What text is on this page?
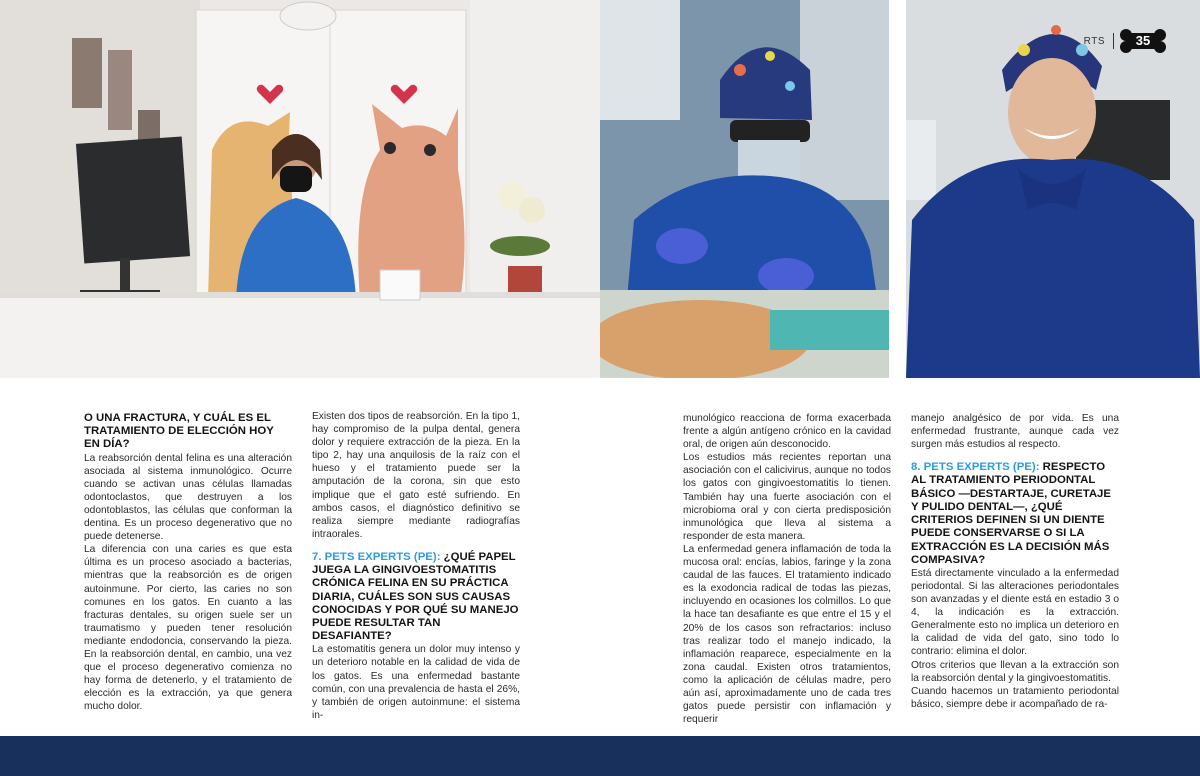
RTS	35

O UNA FRACTURA, Y CUÁL ES EL TRATAMIENTO DE ELECCIÓN HOY EN DÍA?

La reabsorción dental felina es una alteración asociada al sistema inmunológico. Ocurre cuando se activan unas células llamadas odontoclastos, que destruyen a los odontoblastos, las células que conforman la dentina. Es un proceso degenerativo que no puede detenerse.

La diferencia con una caries es que esta última es un proceso asociado a bacterias, mientras que la reabsorción es de origen autoinmune. Por cierto, las caries no son comunes en los gatos. En cuanto a las fracturas dentales, su origen suele ser un traumatismo y pueden tener resolución mediante endodoncia, conservando la pieza. En la reabsorción dental, en cambio, una vez que el proceso degenerativo comienza no hay forma de detenerlo, y el tratamiento de elección es la extracción, ya que genera mucho dolor.

Existen dos tipos de reabsorción. En la tipo 1, hay compromiso de la pulpa dental, genera dolor y requiere extracción de la pieza. En la tipo 2, hay una anquilosis de la raíz con el hueso y el tratamiento puede ser la amputación de la corona, sin que esto implique que el gato esté sufriendo. En ambos casos, el diagnóstico definitivo se realiza siempre mediante radiografías intraorales.

7. PETS EXPERTS (PE): ¿QUÉ PAPEL JUEGA LA GINGIVOESTOMATITIS CRÓNICA FELINA EN SU PRÁCTICA DIARIA, CUÁLES SON SUS CAUSAS CONOCIDAS Y POR QUÉ SU MANEJO PUEDE RESULTAR TAN DESAFIANTE?

La estomatitis genera un dolor muy intenso y un deterioro notable en la calidad de vida de los gatos. Es una enfermedad bastante común, con una prevalencia de hasta el 26%, y también de origen autoinmune: el sistema in-

munológico reacciona de forma exacerbada frente a algún antígeno crónico en la cavidad oral, de origen aún desconocido.

Los estudios más recientes reportan una asociación con el calicivirus, aunque no todos los gatos con gingivoestomatitis lo tienen. También hay una fuerte asociación con el microbioma oral y con cierta predisposición inmunológica que lleva al sistema a responder de esta manera.

La enfermedad genera inflamación de toda la mucosa oral: encías, labios, faringe y la zona caudal de las fauces. El tratamiento indicado es la exodoncia radical de todas las piezas, incluyendo en ocasiones los colmillos. Lo que la hace tan desafiante es que entre el 15 y el 20% de los casos son refractarios: incluso tras realizar todo el manejo indicado, la inflamación reaparece, especialmente en la zona caudal. Existen otros tratamientos, como la aplicación de células madre, pero aún así, aproximadamente uno de cada tres gatos puede persistir con inflamación y requerir

manejo analgésico de por vida. Es una enfermedad frustrante, aunque cada vez surgen más estudios al respecto.

8. PETS EXPERTS (PE): RESPECTO AL TRATAMIENTO PERIODONTAL BÁSICO —DESTARTAJE, CURETAJE Y PULIDO DENTAL—, ¿QUÉ CRITERIOS DEFINEN SI UN DIENTE PUEDE CONSERVARSE O SI LA EXTRACCIÓN ES LA DECISIÓN MÁS COMPASIVA?

Está directamente vinculado a la enfermedad periodontal. Si las alteraciones periodontales son avanzadas y el diente está en estadio 3 o 4, la indicación es la extracción. Generalmente esto no implica un deterioro en la calidad de vida del gato, sino todo lo contrario: elimina el dolor.

Otros criterios que llevan a la extracción son la reabsorción dental y la gingivoestomatitis.

Cuando hacemos un tratamiento periodontal básico, siempre debe ir acompañado de ra-
